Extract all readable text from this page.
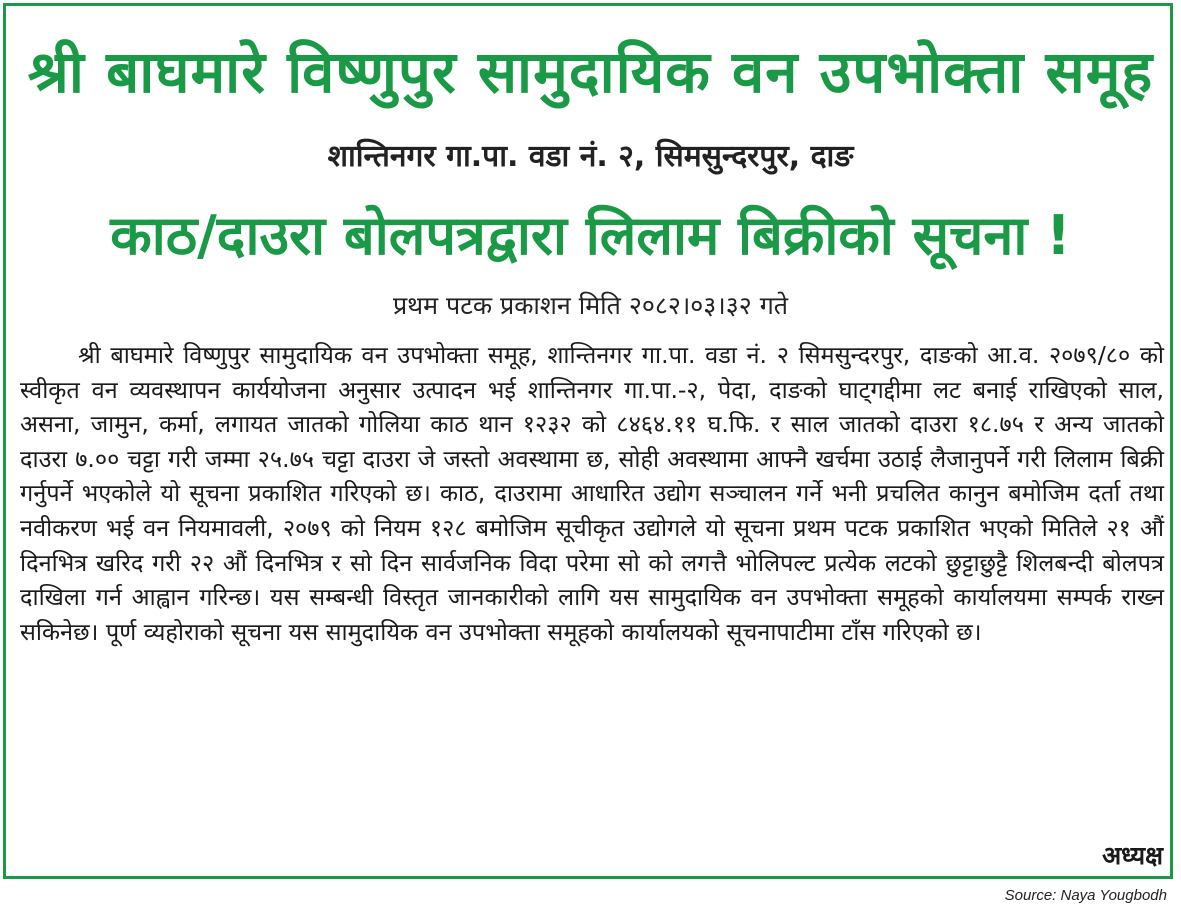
श्री बाघमारे विष्णुपुर सामुदायिक वन उपभोक्ता समूह
शान्तिनगर गा.पा. वडा नं. २, सिमसुन्दरपुर, दाङ
काठ/दाउरा बोलपत्रद्वारा लिलाम बिक्रीको सूचना !
प्रथम पटक प्रकाशन मिति २०८२।०३।३२ गते
श्री बाघमारे विष्णुपुर सामुदायिक वन उपभोक्ता समूह, शान्तिनगर गा.पा. वडा नं. २ सिमसुन्दरपुर, दाङको आ.व. २०७९/८० को स्वीकृत वन व्यवस्थापन कार्ययोजना अनुसार उत्पादन भई शान्तिनगर गा.पा.-२, पेदा, दाङको घाट्गद्दीमा लट बनाई राखिएको साल, असना, जामुन, कर्मा, लगायत जातको गोलिया काठ थान १२३२ को ८४६४.११ घ.फि. र साल जातको दाउरा १८.७५ र अन्य जातको दाउरा ७.०० चट्टा गरी जम्मा २५.७५ चट्टा दाउरा जे जस्तो अवस्थामा छ, सोही अवस्थामा आफ्नै खर्चमा उठाई लैजानुपर्ने गरी लिलाम बिक्री गर्नुपर्ने भएकोले यो सूचना प्रकाशित गरिएको छ। काठ, दाउरामा आधारित उद्योग सञ्चालन गर्ने भनी प्रचलित कानुन बमोजिम दर्ता तथा नवीकरण भई वन नियमावली, २०७९ को नियम १२८ बमोजिम सूचीकृत उद्योगले यो सूचना प्रथम पटक प्रकाशित भएको मितिले २१ औं दिनभित्र खरिद गरी २२ औं दिनभित्र र सो दिन सार्वजनिक विदा परेमा सो को लगत्तै भोलिपल्ट प्रत्येक लटको छुट्टाछुट्टै शिलबन्दी बोलपत्र दाखिला गर्न आह्वान गरिन्छ। यस सम्बन्धी विस्तृत जानकारीको लागि यस सामुदायिक वन उपभोक्ता समूहको कार्यालयमा सम्पर्क राख्न सकिनेछ। पूर्ण व्यहोराको सूचना यस सामुदायिक वन उपभोक्ता समूहको कार्यालयको सूचनापाटीमा टाँस गरिएको छ।
अध्यक्ष
Source: Naya Yougbodh
